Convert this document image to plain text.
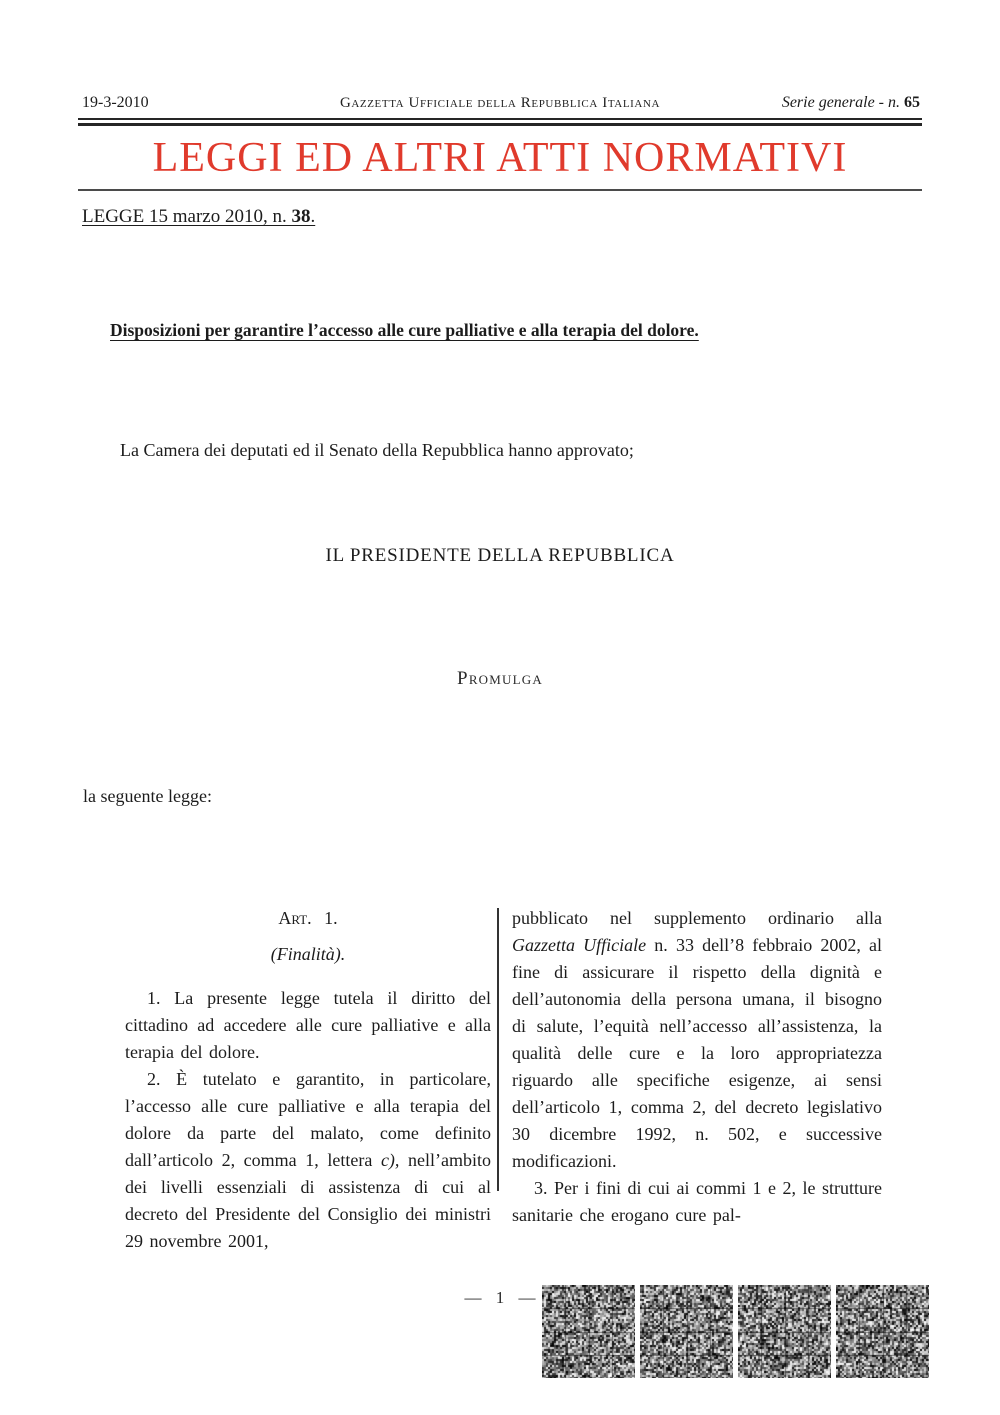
19-3-2010	Gazzetta Ufficiale della Repubblica Italiana	Serie generale - n. 65
LEGGI ED ALTRI ATTI NORMATIVI
LEGGE 15 marzo 2010, n. 38.
Disposizioni per garantire l’accesso alle cure palliative e alla terapia del dolore.
La Camera dei deputati ed il Senato della Repubblica hanno approvato;
IL PRESIDENTE DELLA REPUBBLICA
Promulga
la seguente legge:

Art. 1.

(Finalità).

1. La presente legge tutela il diritto del cittadino ad accedere alle cure palliative e alla terapia del dolore.

2. È tutelato e garantito, in particolare, l’accesso alle cure palliative e alla terapia del dolore da parte del malato, come definito dall’articolo 2, comma 1, lettera c), nell’ambito dei livelli essenziali di assistenza di cui al decreto del Presidente del Consiglio dei ministri 29 novembre 2001,

pubblicato nel supplemento ordinario alla Gazzetta Ufficiale n. 33 dell’8 febbraio 2002, al fine di assicurare il rispetto della dignità e dell’autonomia della persona umana, il bisogno di salute, l’equità nell’accesso all’assistenza, la qualità delle cure e la loro appropriatezza riguardo alle specifiche esigenze, ai sensi dell’articolo 1, comma 2, del decreto legislativo 30 dicembre 1992, n. 502, e successive modificazioni.

3. Per i fini di cui ai commi 1 e 2, le strutture sanitarie che erogano cure pal-

— 1 —
